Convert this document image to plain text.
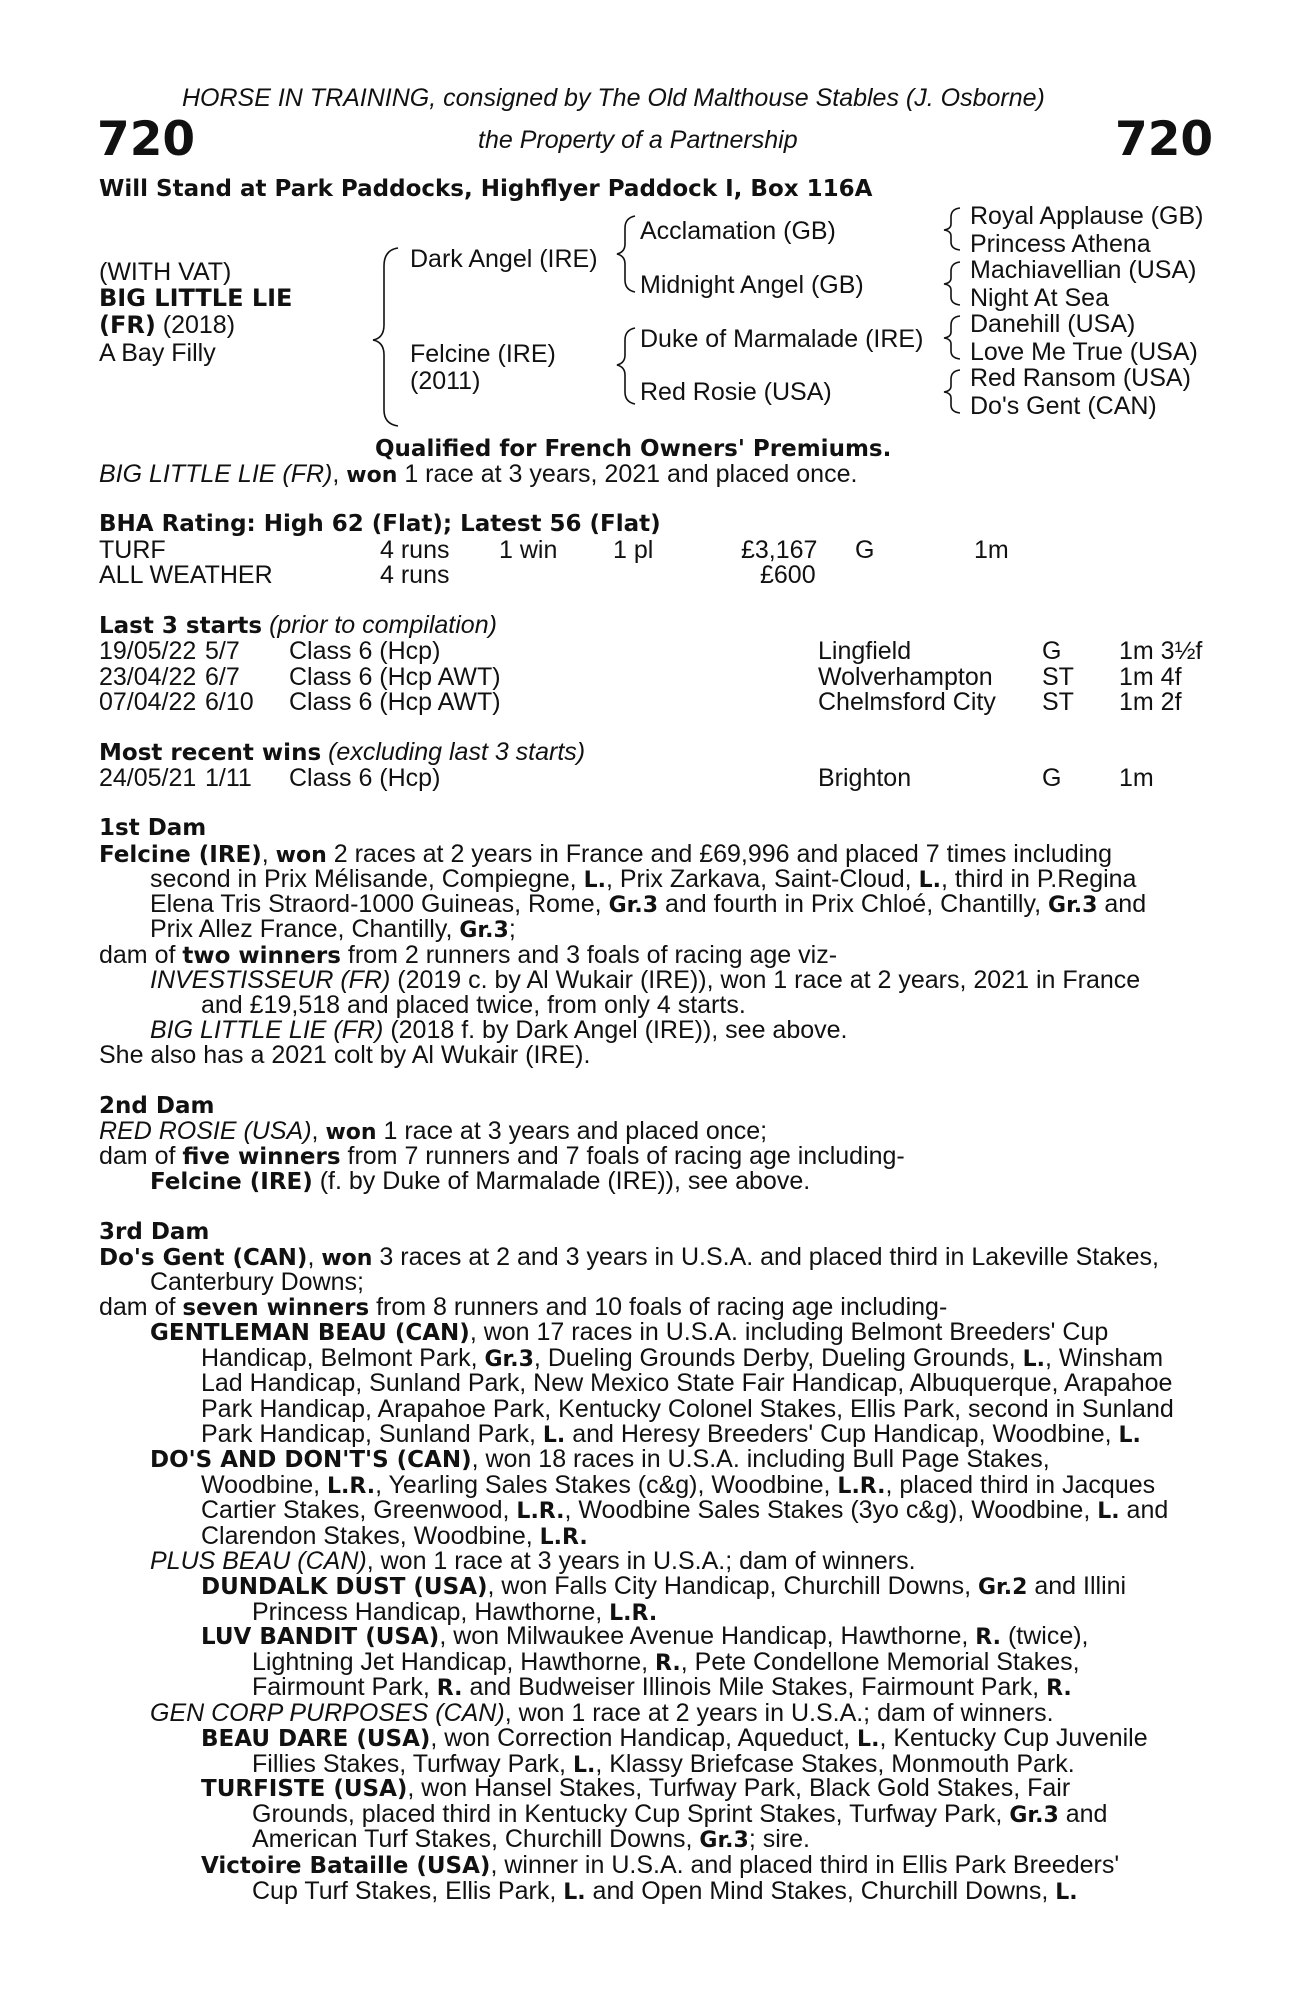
HORSE IN TRAINING, consigned by The Old Malthouse Stables (J. Osborne)
720	the Property of a Partnership	720
Will Stand at Park Paddocks, Highflyer Paddock I, Box 116A
(WITH VAT)
BIG LITTLE LIE
(FR) (2018)
A Bay Filly
Dark Angel (IRE)
Felcine (IRE)
(2011)
Acclamation (GB)
Midnight Angel (GB)
Duke of Marmalade (IRE)
Red Rosie (USA)
Royal Applause (GB)
Princess Athena
Machiavellian (USA)
Night At Sea
Danehill (USA)
Love Me True (USA)
Red Ransom (USA)
Do's Gent (CAN)
Qualified for French Owners' Premiums.
BIG LITTLE LIE (FR), won 1 race at 3 years, 2021 and placed once.
BHA Rating: High 62 (Flat); Latest 56 (Flat)
TURF	4 runs 1 win 1 pl	£3,167 G	1m
ALL WEATHER	4 runs	£600
Last 3 starts (prior to compilation)
19/05/22 5/7 Class 6 (Hcp)	Lingfield	G 1m 3½f
23/04/22 6/7 Class 6 (Hcp AWT)	Wolverhampton ST 1m 4f
07/04/22 6/10 Class 6 (Hcp AWT)	Chelmsford City ST 1m 2f
Most recent wins (excluding last 3 starts)
24/05/21 1/11 Class 6 (Hcp)	Brighton	G 1m
1st Dam
Felcine (IRE), won 2 races at 2 years in France and £69,996 and placed 7 times including
second in Prix Mélisande, Compiegne, L., Prix Zarkava, Saint-Cloud, L., third in P.Regina
Elena Tris Straord-1000 Guineas, Rome, Gr.3 and fourth in Prix Chloé, Chantilly, Gr.3 and
Prix Allez France, Chantilly, Gr.3;
dam of two winners from 2 runners and 3 foals of racing age viz-
INVESTISSEUR (FR) (2019 c. by Al Wukair (IRE)), won 1 race at 2 years, 2021 in France
and £19,518 and placed twice, from only 4 starts.
BIG LITTLE LIE (FR) (2018 f. by Dark Angel (IRE)), see above.
She also has a 2021 colt by Al Wukair (IRE).
2nd Dam
RED ROSIE (USA), won 1 race at 3 years and placed once;
dam of five winners from 7 runners and 7 foals of racing age including-
Felcine (IRE) (f. by Duke of Marmalade (IRE)), see above.
3rd Dam
Do's Gent (CAN), won 3 races at 2 and 3 years in U.S.A. and placed third in Lakeville Stakes,
Canterbury Downs;
dam of seven winners from 8 runners and 10 foals of racing age including-
GENTLEMAN BEAU (CAN), won 17 races in U.S.A. including Belmont Breeders' Cup
Handicap, Belmont Park, Gr.3, Dueling Grounds Derby, Dueling Grounds, L., Winsham
Lad Handicap, Sunland Park, New Mexico State Fair Handicap, Albuquerque, Arapahoe
Park Handicap, Arapahoe Park, Kentucky Colonel Stakes, Ellis Park, second in Sunland
Park Handicap, Sunland Park, L. and Heresy Breeders' Cup Handicap, Woodbine, L.
DO'S AND DON'T'S (CAN), won 18 races in U.S.A. including Bull Page Stakes,
Woodbine, L.R., Yearling Sales Stakes (c&g), Woodbine, L.R., placed third in Jacques
Cartier Stakes, Greenwood, L.R., Woodbine Sales Stakes (3yo c&g), Woodbine, L. and
Clarendon Stakes, Woodbine, L.R.
PLUS BEAU (CAN), won 1 race at 3 years in U.S.A.; dam of winners.
DUNDALK DUST (USA), won Falls City Handicap, Churchill Downs, Gr.2 and Illini
Princess Handicap, Hawthorne, L.R.
LUV BANDIT (USA), won Milwaukee Avenue Handicap, Hawthorne, R. (twice),
Lightning Jet Handicap, Hawthorne, R., Pete Condellone Memorial Stakes,
Fairmount Park, R. and Budweiser Illinois Mile Stakes, Fairmount Park, R.
GEN CORP PURPOSES (CAN), won 1 race at 2 years in U.S.A.; dam of winners.
BEAU DARE (USA), won Correction Handicap, Aqueduct, L., Kentucky Cup Juvenile
Fillies Stakes, Turfway Park, L., Klassy Briefcase Stakes, Monmouth Park.
TURFISTE (USA), won Hansel Stakes, Turfway Park, Black Gold Stakes, Fair
Grounds, placed third in Kentucky Cup Sprint Stakes, Turfway Park, Gr.3 and
American Turf Stakes, Churchill Downs, Gr.3; sire.
Victoire Bataille (USA), winner in U.S.A. and placed third in Ellis Park Breeders'
Cup Turf Stakes, Ellis Park, L. and Open Mind Stakes, Churchill Downs, L.
